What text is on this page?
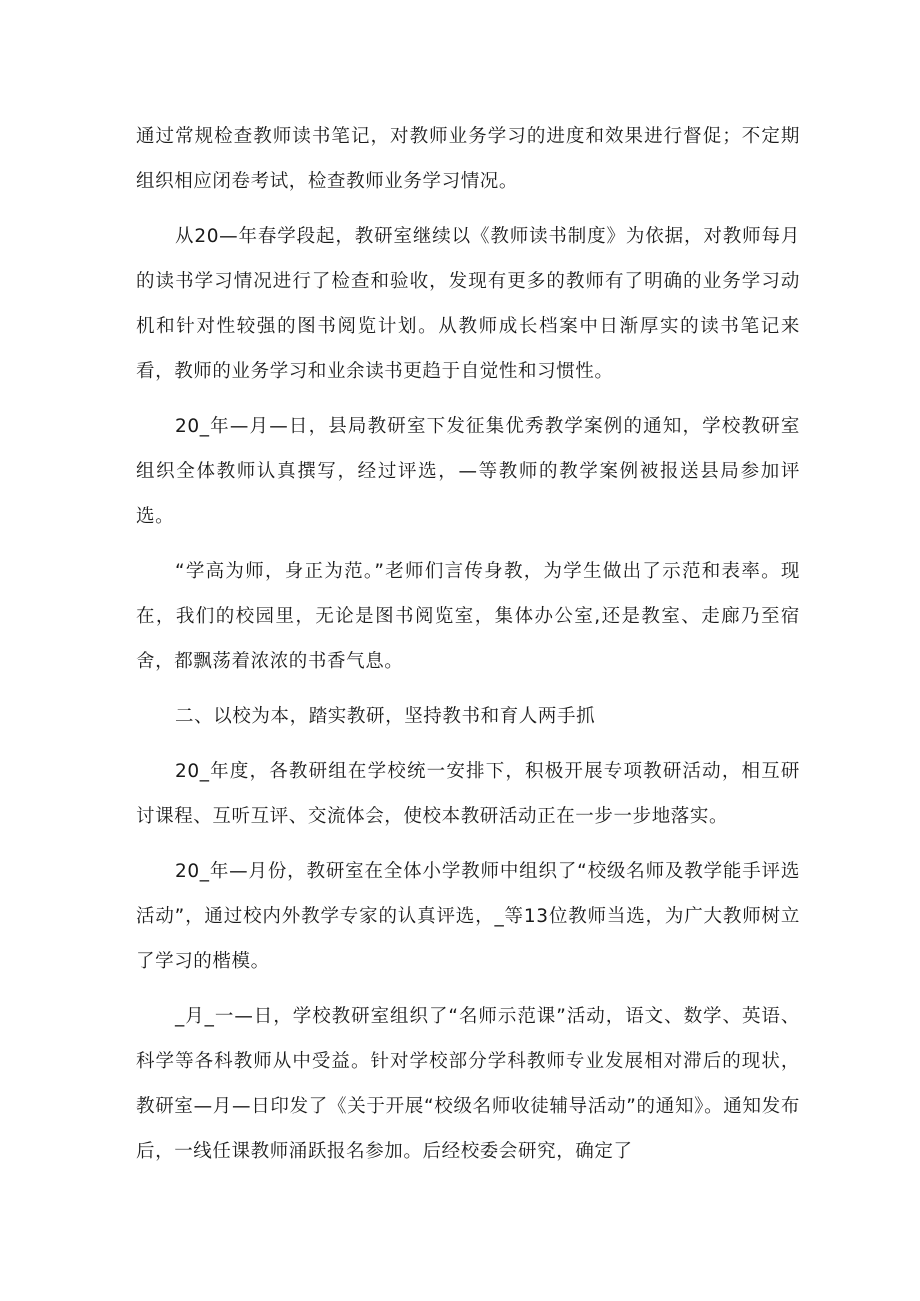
通过常规检查教师读书笔记，对教师业务学习的进度和效果进行督促；不定期组织相应闭卷考试，检查教师业务学习情况。

从20—年春学段起，教研室继续以《教师读书制度》为依据，对教师每月的读书学习情况进行了检查和验收，发现有更多的教师有了明确的业务学习动机和针对性较强的图书阅览计划。从教师成长档案中日渐厚实的读书笔记来看，教师的业务学习和业余读书更趋于自觉性和习惯性。

20_年—月—日，县局教研室下发征集优秀教学案例的通知，学校教研室组织全体教师认真撰写，经过评选，—等教师的教学案例被报送县局参加评选。

“学高为师，身正为范。”老师们言传身教，为学生做出了示范和表率。现在，我们的校园里，无论是图书阅览室，集体办公室,还是教室、走廊乃至宿舍，都飘荡着浓浓的书香气息。

二、以校为本，踏实教研，坚持教书和育人两手抓

20_年度，各教研组在学校统一安排下，积极开展专项教研活动，相互研讨课程、互听互评、交流体会，使校本教研活动正在一步一步地落实。

20_年—月份，教研室在全体小学教师中组织了“校级名师及教学能手评选活动”，通过校内外教学专家的认真评选，_等13位教师当选，为广大教师树立了学习的楷模。

_月_一—日，学校教研室组织了“名师示范课”活动，语文、数学、英语、科学等各科教师从中受益。针对学校部分学科教师专业发展相对滞后的现状，教研室—月—日印发了《关于开展“校级名师收徒辅导活动”的通知》。通知发布后，一线任课教师涌跃报名参加。后经校委会研究，确定了
